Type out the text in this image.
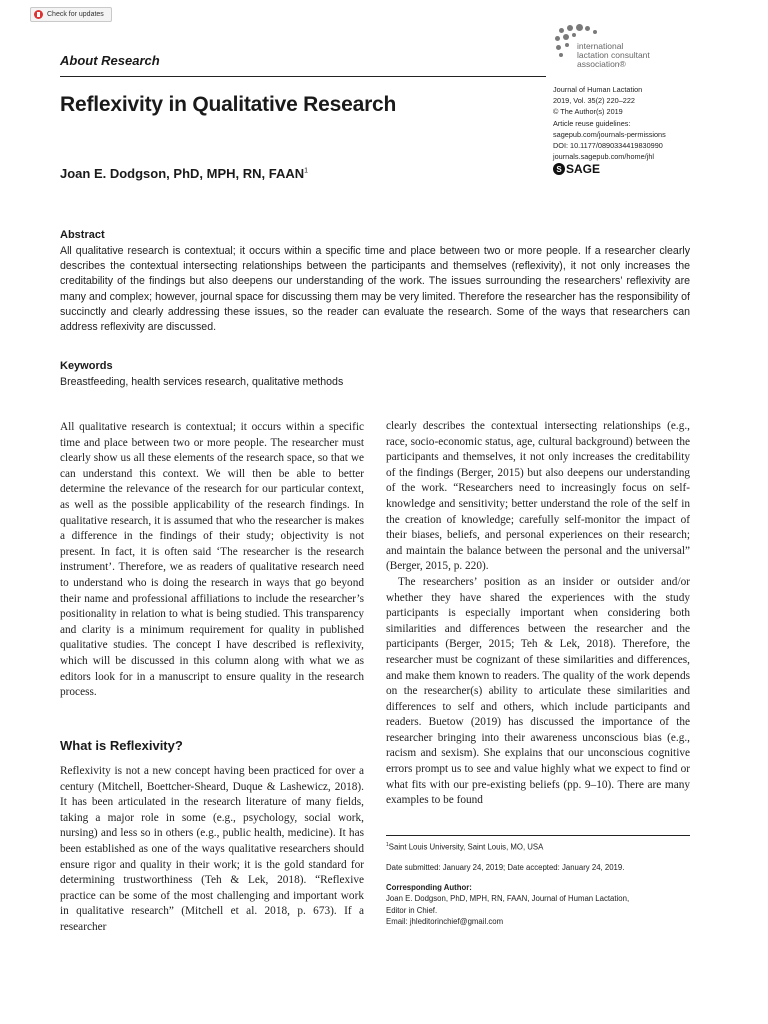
Check for updates
international
lactation consultant
association®
About Research
Reflexivity in Qualitative Research
Joan E. Dodgson, PhD, MPH, RN, FAAN$^1$
Journal of Human Lactation
2019, Vol. 35(2) 220–222
© The Author(s) 2019
Article reuse guidelines:
sagepub.com/journals-permissions
DOI: 10.1177/0890334419830990
journals.sagepub.com/home/jhl
S SAGE
Abstract
All qualitative research is contextual; it occurs within a specific time and place between two or more people. If a researcher clearly describes the contextual intersecting relationships between the participants and themselves (reflexivity), it not only increases the creditability of the findings but also deepens our understanding of the work. The issues surrounding the researchers’ reflexivity are many and complex; however, journal space for discussing them may be very limited. Therefore the researcher has the responsibility of succinctly and clearly addressing these issues, so the reader can evaluate the research. Some of the ways that researchers can address reflexivity are discussed.
Keywords
Breastfeeding, health services research, qualitative methods

All qualitative research is contextual; it occurs within a specific time and place between two or more people. The researcher must clearly show us all these elements of the research space, so that we can understand this context. We will then be able to better determine the relevance of the research for our particular context, as well as the possible applicability of the research findings. In qualitative research, it is assumed that who the researcher is makes a difference in the findings of their study; objectivity is not present. In fact, it is often said ‘The researcher is the research instrument’. Therefore, we as readers of qualitative research need to understand who is doing the research in ways that go beyond their name and professional affiliations to include the researcher’s positionality in relation to what is being studied. This transparency and clarity is a minimum requirement for quality in published qualitative studies. The concept I have described is reflexivity, which will be discussed in this column along with what we as editors look for in a manuscript to ensure quality in the research process.

What is Reflexivity?

Reflexivity is not a new concept having been practiced for over a century (Mitchell, Boettcher-Sheard, Duque & Lashewicz, 2018). It has been articulated in the research literature of many fields, taking a major role in some (e.g., psychology, social work, nursing) and less so in others (e.g., public health, medicine). It has been established as one of the ways qualitative researchers should ensure rigor and quality in their work; it is the gold standard for determining trustworthiness (Teh & Lek, 2018). “Reflexive practice can be some of the most challenging and important work in qualitative research” (Mitchell et al. 2018, p. 673). If a researcher

clearly describes the contextual intersecting relationships (e.g., race, socio-economic status, age, cultural background) between the participants and themselves, it not only increases the creditability of the findings (Berger, 2015) but also deepens our understanding of the work. “Researchers need to increasingly focus on self-knowledge and sensitivity; better understand the role of the self in the creation of knowledge; carefully self-monitor the impact of their biases, beliefs, and personal experiences on their research; and maintain the balance between the personal and the universal” (Berger, 2015, p. 220).

The researchers’ position as an insider or outsider and/or whether they have shared the experiences with the study participants is especially important when considering both similarities and differences between the researcher and the participants (Berger, 2015; Teh & Lek, 2018). Therefore, the researcher must be cognizant of these similarities and differences, and make them known to readers. The quality of the work depends on the researcher(s) ability to articulate these similarities and differences to self and others, which include participants and readers. Buetow (2019) has discussed the importance of the researcher bringing into their awareness unconscious bias (e.g., racism and sexism). She explains that our unconscious cognitive errors prompt us to see and value highly what we expect to find or what fits with our pre-existing beliefs (pp. 9–10). There are many examples to be found

$^1$Saint Louis University, Saint Louis, MO, USA
Date submitted: January 24, 2019; Date accepted: January 24, 2019.
Corresponding Author:
Joan E. Dodgson, PhD, MPH, RN, FAAN, Journal of Human Lactation,
Editor in Chief.
Email: jhleditorinchief@gmail.com
